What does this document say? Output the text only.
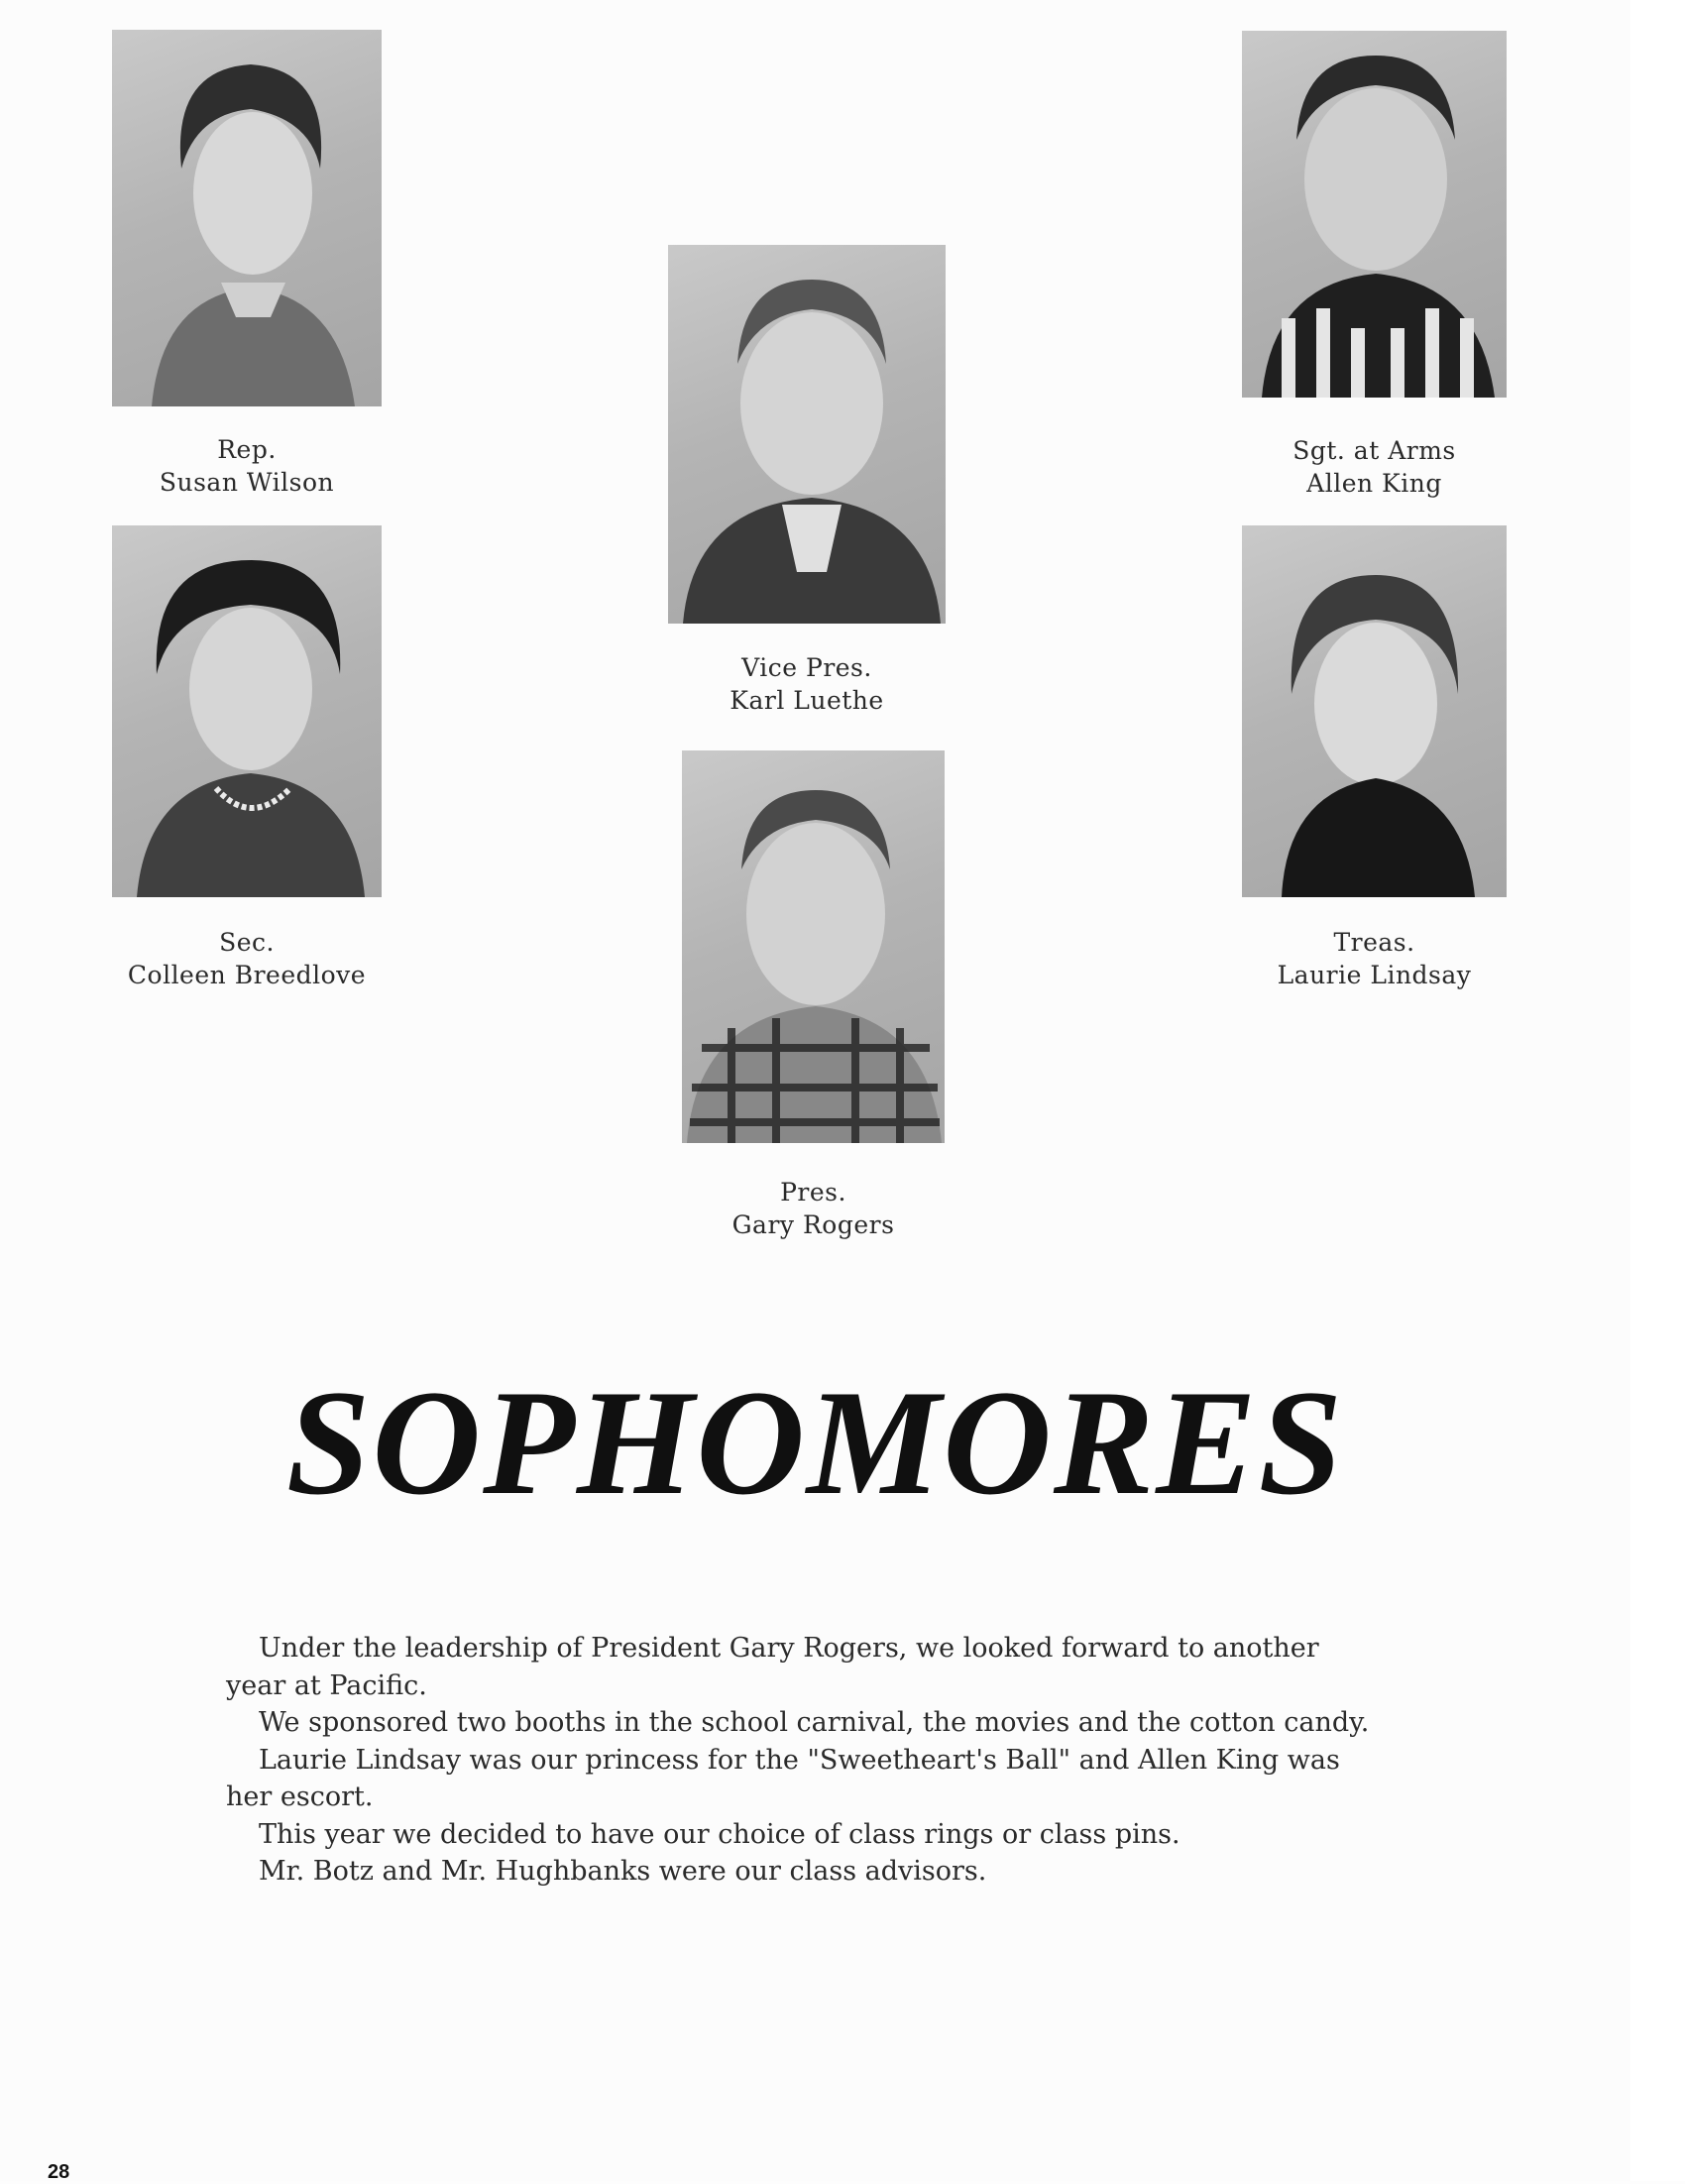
Rep.
Susan Wilson
Sgt. at Arms
Allen King
Vice Pres.
Karl Luethe
Sec.
Colleen Breedlove
Treas.
Laurie Lindsay
Pres.
Gary Rogers
SOPHOMORES

Under the leadership of President Gary Rogers, we looked forward to another year at Pacific.

We sponsored two booths in the school carnival, the movies and the cotton candy.

Laurie Lindsay was our princess for the "Sweetheart's Ball" and Allen King was her escort.

This year we decided to have our choice of class rings or class pins.

Mr. Botz and Mr. Hughbanks were our class advisors.

28
